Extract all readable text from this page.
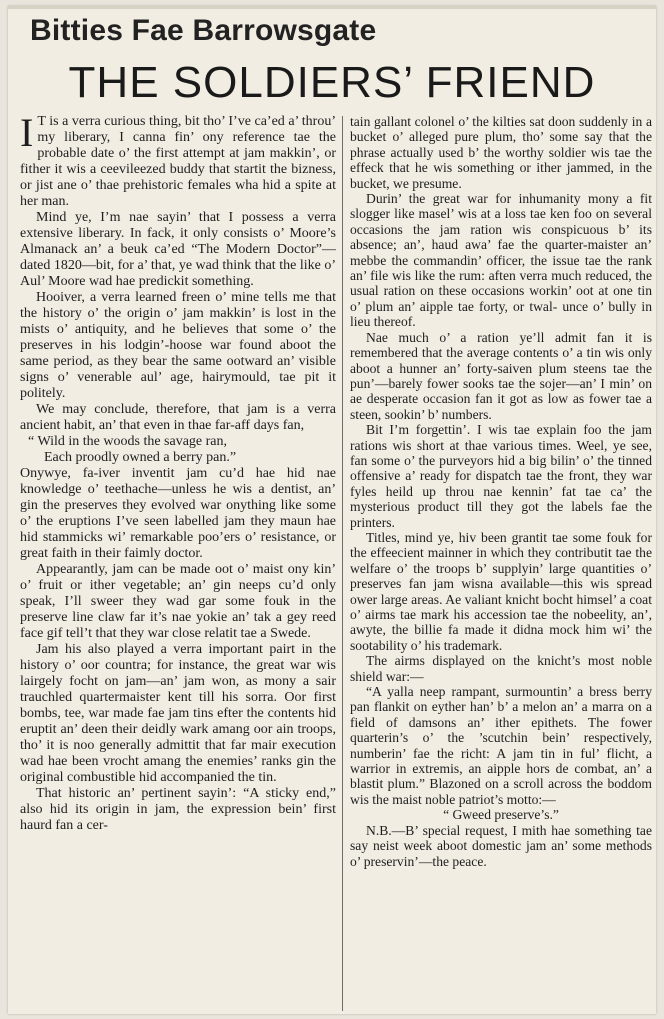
Bitties Fae Barrowsgate
THE SOLDIERS’ FRIEND

I T is a verra curious thing, bit tho’ I’ve ca’ed a’ throu’ my liberary, I canna fin’ ony reference tae the probable date o’ the first attempt at jam makkin’, or fither it wis a ceevileezed buddy that startit the bizness, or jist ane o’ thae prehistoric females wha hid a spite at her man.

Mind ye, I’m nae sayin’ that I possess a verra extensive liberary. In fack, it only consists o’ Moore’s Almanack an’ a beuk ca’ed “The Modern Doctor”—dated 1820—bit, for a’ that, ye wad think that the like o’ Aul’ Moore wad hae predickit something.

Hooiver, a verra learned freen o’ mine tells me that the history o’ the origin o’ jam makkin’ is lost in the mists o’ antiquity, and he believes that some o’ the preserves in his lodgin’-hoose war found aboot the same period, as they bear the same ootward an’ visible signs o’ venerable aul’ age, hairymould, tae pit it politely.

We may conclude, therefore, that jam is a verra ancient habit, an’ that even in thae far-aff days fan,

“ Wild in the woods the savage ran,

Each proodly owned a berry pan.”

Onywye, fa-iver inventit jam cu’d hae hid nae knowledge o’ teethache—unless he wis a dentist, an’ gin the preserves they evolved war onything like some o’ the eruptions I’ve seen labelled jam they maun hae hid stammicks wi’ remarkable poo’ers o’ resistance, or great faith in their faimly doctor.

Appearantly, jam can be made oot o’ maist ony kin’ o’ fruit or ither vegetable; an’ gin neeps cu’d only speak, I’ll sweer they wad gar some fouk in the preserve line claw far it’s nae yokie an’ tak a gey reed face gif tell’t that they war close relatit tae a Swede.

Jam his also played a verra important pairt in the history o’ oor countra; for instance, the great war wis lairgely focht on jam—an’ jam won, as mony a sair trauchled quartermaister kent till his sorra. Oor first bombs, tee, war made fae jam tins efter the contents hid eruptit an’ deen their deidly wark amang oor ain troops, tho’ it is noo generally admittit that far mair execution wad hae been vrocht amang the enemies’ ranks gin the original combustible hid accompanied the tin.

That historic an’ pertinent sayin’: “A sticky end,” also hid its origin in jam, the expression bein’ first haurd fan a cer-

tain gallant colonel o’ the kilties sat doon suddenly in a bucket o’ alleged pure plum, tho’ some say that the phrase actually used b’ the worthy soldier wis tae the effeck that he wis something or ither jammed, in the bucket, we presume.

Durin’ the great war for inhumanity mony a fit slogger like masel’ wis at a loss tae ken foo on several occasions the jam ration wis conspicuous b’ its absence; an’, haud awa’ fae the quarter-maister an’ mebbe the commandin’ officer, the issue tae the rank an’ file wis like the rum: aften verra much reduced, the usual ration on these occasions workin’ oot at one tin o’ plum an’ aipple tae forty, or twal- unce o’ bully in lieu thereof.

Nae much o’ a ration ye’ll admit fan it is remembered that the average contents o’ a tin wis only aboot a hunner an’ forty-saiven plum steens tae the pun’—barely fower sooks tae the sojer—an’ I min’ on ae desperate occasion fan it got as low as fower tae a steen, sookin’ b’ numbers.

Bit I’m forgettin’. I wis tae explain foo the jam rations wis short at thae various times. Weel, ye see, fan some o’ the purveyors hid a big bilin’ o’ the tinned offensive a’ ready for dispatch tae the front, they war fyles heild up throu nae kennin’ fat tae ca’ the mysterious product till they got the labels fae the printers.

Titles, mind ye, hiv been grantit tae some fouk for the effeecient mainner in which they contributit tae the welfare o’ the troops b’ supplyin’ large quantities o’ preserves fan jam wisna available—this wis spread ower large areas. Ae valiant knicht bocht himsel’ a coat o’ airms tae mark his accession tae the nobeelity, an’, awyte, the billie fa made it didna mock him wi’ the sootability o’ his trademark.

The airms displayed on the knicht’s most noble shield war:—

“A yalla neep rampant, surmountin’ a bress berry pan flankit on eyther han’ b’ a melon an’ a marra on a field of damsons an’ ither epithets. The fower quarterin’s o’ the ’scutchin bein’ respectively, numberin’ fae the richt: A jam tin in ful’ flicht, a warrior in extremis, an aipple hors de combat, an’ a blastit plum.” Blazoned on a scroll across the boddom wis the maist noble patriot’s motto:—

“ Gweed preserve’s.”

N.B.—B’ special request, I mith hae something tae say neist week aboot domestic jam an’ some methods o’ preservin’—the peace.
